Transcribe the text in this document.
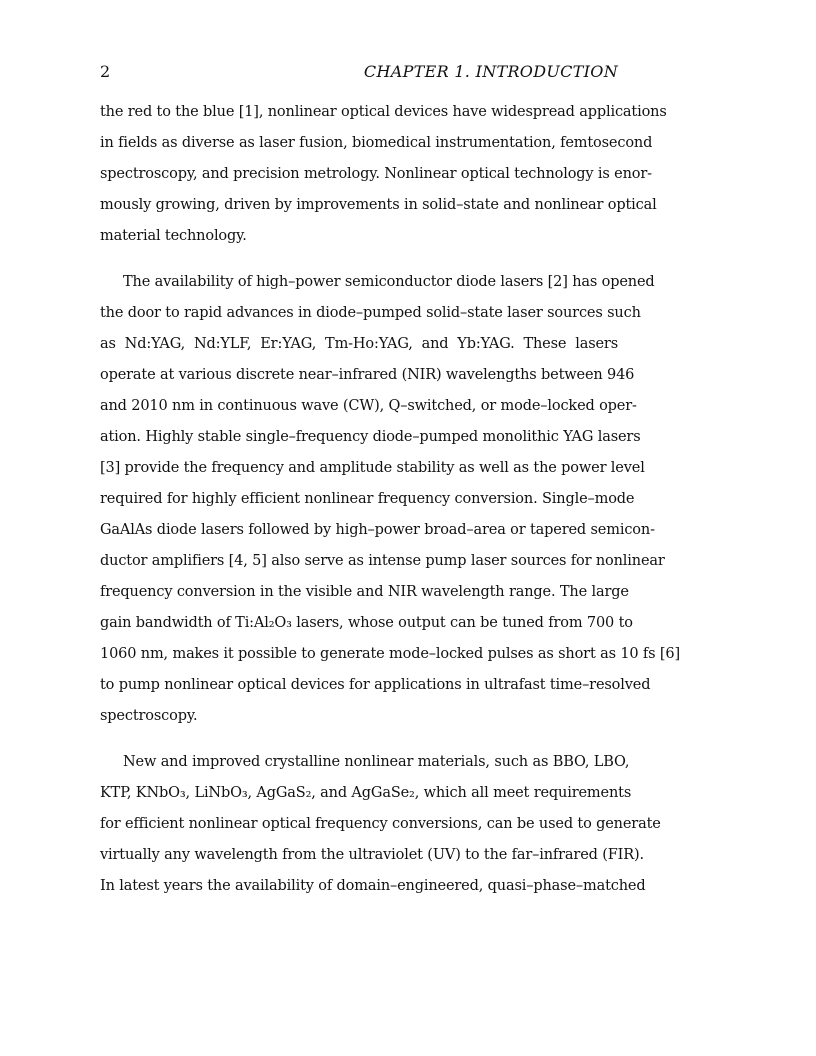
2	CHAPTER 1. INTRODUCTION
the red to the blue [1], nonlinear optical devices have widespread applications
in fields as diverse as laser fusion, biomedical instrumentation, femtosecond
spectroscopy, and precision metrology. Nonlinear optical technology is enor-
mously growing, driven by improvements in solid–state and nonlinear optical
material technology.
The availability of high–power semiconductor diode lasers [2] has opened
the door to rapid advances in diode–pumped solid–state laser sources such
as Nd:YAG, Nd:YLF, Er:YAG, Tm-Ho:YAG, and Yb:YAG. These lasers
operate at various discrete near–infrared (NIR) wavelengths between 946
and 2010 nm in continuous wave (CW), Q–switched, or mode–locked oper-
ation. Highly stable single–frequency diode–pumped monolithic YAG lasers
[3] provide the frequency and amplitude stability as well as the power level
required for highly efficient nonlinear frequency conversion. Single–mode
GaAlAs diode lasers followed by high–power broad–area or tapered semicon-
ductor amplifiers [4, 5] also serve as intense pump laser sources for nonlinear
frequency conversion in the visible and NIR wavelength range. The large
gain bandwidth of Ti:Al₂O₃ lasers, whose output can be tuned from 700 to
1060 nm, makes it possible to generate mode–locked pulses as short as 10 fs [6]
to pump nonlinear optical devices for applications in ultrafast time–resolved
spectroscopy.
New and improved crystalline nonlinear materials, such as BBO, LBO,
KTP, KNbO₃, LiNbO₃, AgGaS₂, and AgGaSe₂, which all meet requirements
for efficient nonlinear optical frequency conversions, can be used to generate
virtually any wavelength from the ultraviolet (UV) to the far–infrared (FIR).
In latest years the availability of domain–engineered, quasi–phase–matched
